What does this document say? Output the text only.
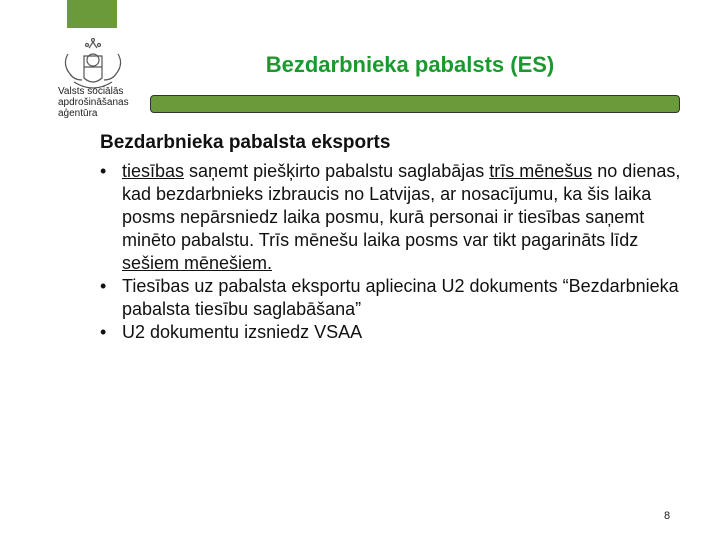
Valsts sociālās
apdrošināšanas
aģentūra
Bezdarbnieka pabalsts (ES)
Bezdarbnieka pabalsta eksports
• tiesības saņemt piešķirto pabalstu saglabājas trīs mēnešus no dienas, kad bezdarbnieks izbraucis no Latvijas, ar nosacījumu, ka šis laika posms nepārsniedz laika posmu, kurā personai ir tiesības saņemt minēto pabalstu. Trīs mēnešu laika posms var tikt pagarināts līdz sešiem mēnešiem.
• Tiesības uz pabalsta eksportu apliecina U2 dokuments “Bezdarbnieka pabalsta tiesību saglabāšana”
• U2 dokumentu izsniedz VSAA
8
